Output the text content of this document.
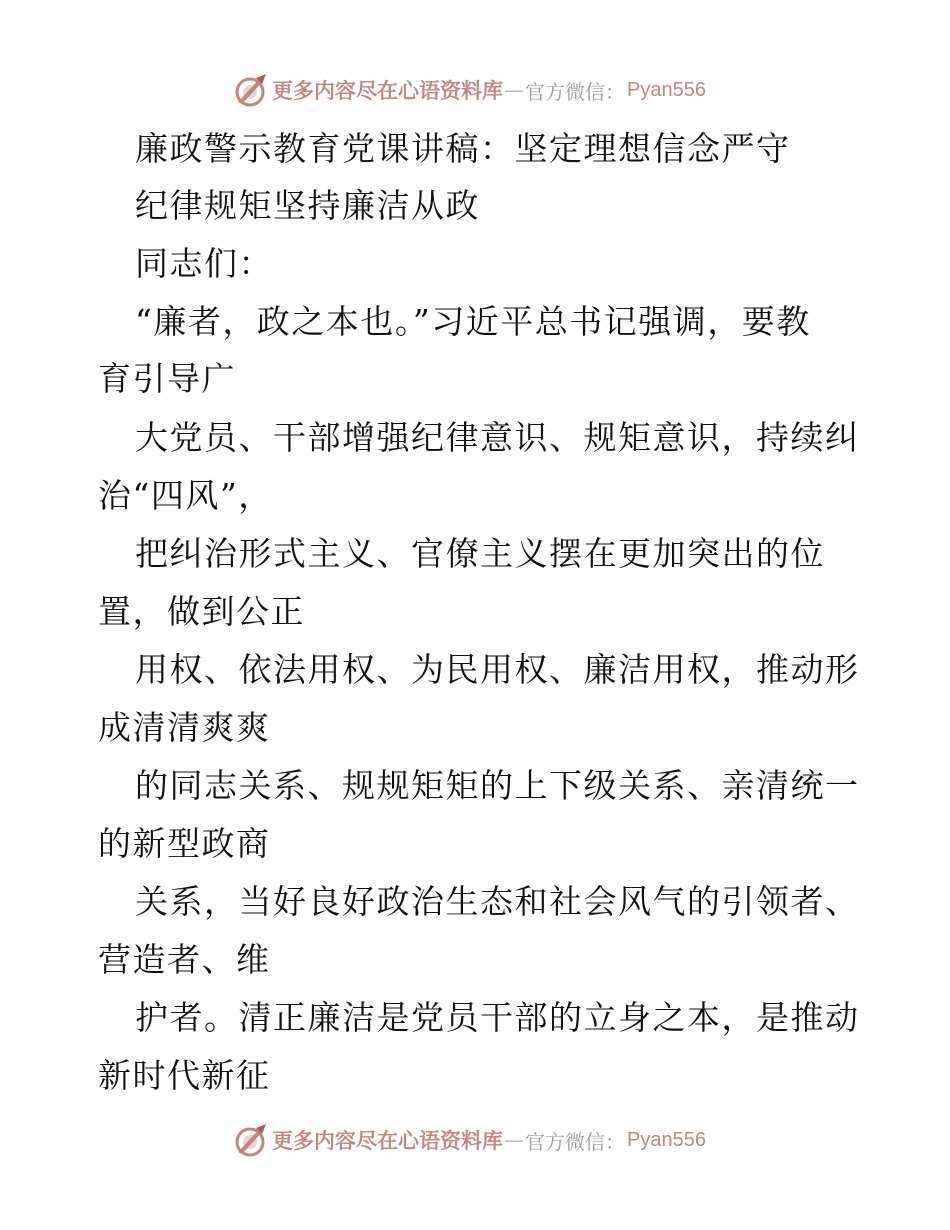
更多内容尽在心语资料库 — 官方微信： Pyan556
廉政警示教育党课讲稿：坚定理想信念严守
纪律规矩坚持廉洁从政
同志们：
“廉者，政之本也。”习近平总书记强调，要教
育引导广
大党员、干部增强纪律意识、规矩意识，持续纠
治“四风”，
把纠治形式主义、官僚主义摆在更加突出的位
置，做到公正
用权、依法用权、为民用权、廉洁用权，推动形
成清清爽爽
的同志关系、规规矩矩的上下级关系、亲清统一
的新型政商
关系，当好良好政治生态和社会风气的引领者、
营造者、维
护者。清正廉洁是党员干部的立身之本，是推动
新时代新征
更多内容尽在心语资料库 — 官方微信： Pyan556
